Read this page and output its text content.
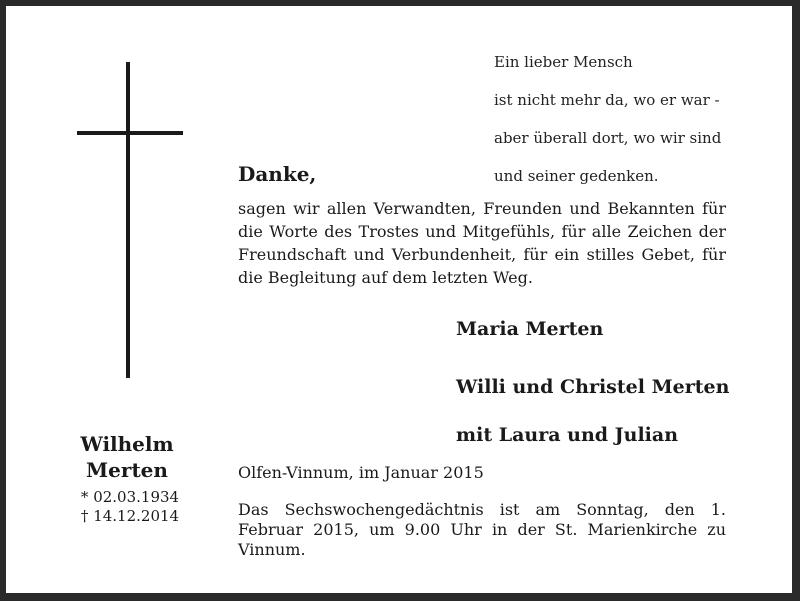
Ein lieber Mensch

ist nicht mehr da, wo er war -

aber überall dort, wo wir sind

und seiner gedenken.

Danke,
sagen wir allen Verwandten, Freunden und Bekannten für die Worte des Trostes und Mitgefühls, für alle Zeichen der Freundschaft und Verbundenheit, für ein stilles Gebet, für die Begleitung auf dem letzten Weg.
Maria Merten

Willi und Christel Merten

mit Laura und Julian

Wilhelm
Merten
* 02.03.1934
† 14.12.2014
Olfen-Vinnum, im Januar 2015
Das Sechswochengedächtnis ist am Sonntag, den 1. Februar 2015, um 9.00 Uhr in der St. Marienkirche zu Vinnum.
